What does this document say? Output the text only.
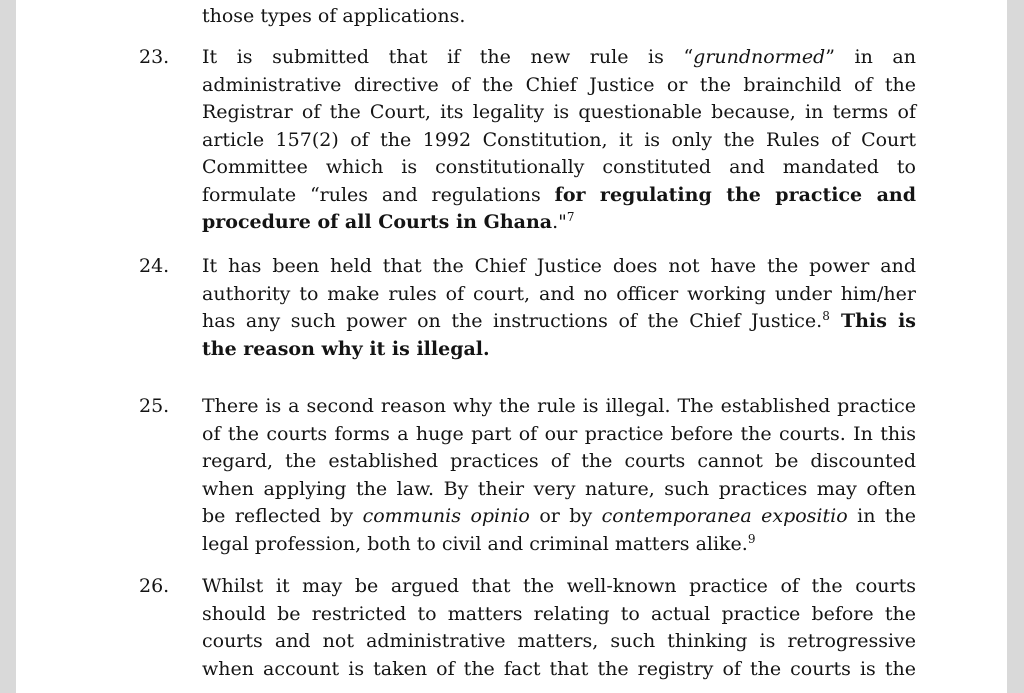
those types of applications.
23. It is submitted that if the new rule is “grundnormed” in an
administrative directive of the Chief Justice or the brainchild of the
Registrar of the Court, its legality is questionable because, in terms of
article 157(2) of the 1992 Constitution, it is only the Rules of Court
Committee which is constitutionally constituted and mandated to
formulate “rules and regulations for regulating the practice and
procedure of all Courts in Ghana."$^7$
24. It has been held that the Chief Justice does not have the power and
authority to make rules of court, and no officer working under him/her
has any such power on the instructions of the Chief Justice.$^8$ This is
the reason why it is illegal.
25. There is a second reason why the rule is illegal. The established practice
of the courts forms a huge part of our practice before the courts. In this
regard, the established practices of the courts cannot be discounted
when applying the law. By their very nature, such practices may often
be reflected by communis opinio or by contemporanea expositio in the
legal profession, both to civil and criminal matters alike.$^9$
26. Whilst it may be argued that the well-known practice of the courts
should be restricted to matters relating to actual practice before the
courts and not administrative matters, such thinking is retrogressive
when account is taken of the fact that the registry of the courts is the
